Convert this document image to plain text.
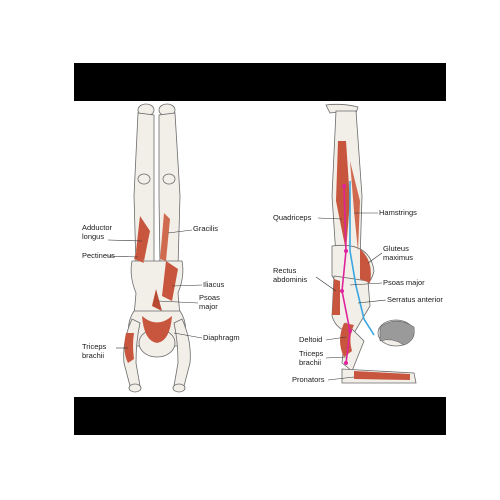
Adductor
longus
Gracilis
Pectineus
Iliacus
Psoas
major
Diaphragm
Triceps
brachii
Quadriceps
Hamstrings
Gluteus
maximus
Rectus
abdominis	Psoas major
Serratus anterior
Deltoid
Triceps
brachii
Pronators
